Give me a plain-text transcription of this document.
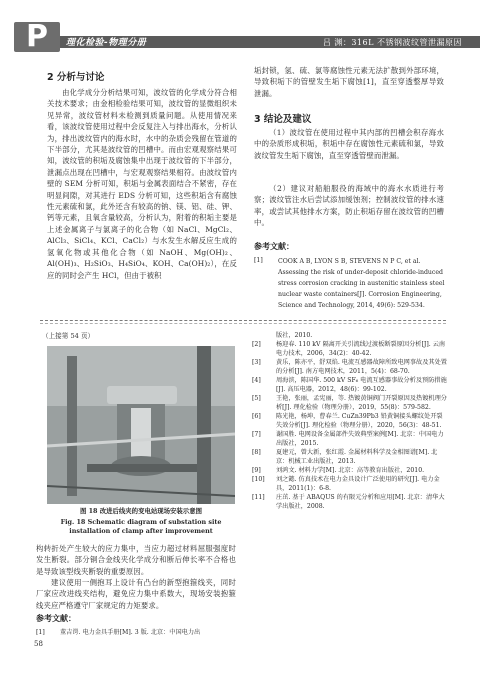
P	理化检验-物理分册	吕 渊：316L 不锈钢波纹管泄漏原因
2 分析与讨论
由化学成分分析结果可知，波纹管的化学成分符合相关技术要求；由金相检验结果可知，波纹管的显微组织未见异常，波纹管材料未检测到质量问题。从使用情况来看，该波纹管使用过程中会反复注入与排出海水，分析认为，排出波纹管内的海水时，水中的杂质会残留在管道的下半部分，尤其是波纹管的凹槽中。而由宏观观察结果可知，波纹管的积垢及腐蚀集中出现于波纹管的下半部分，泄漏点出现在凹槽中，与宏观观察结果相符。由波纹管内壁的 SEM 分析可知，积垢与金属表面结合不紧密，存在明显间隙，对其进行 EDS 分析可知，这些积垢含有腐蚀性元素硫和氯，此外还含有较高的钠、镁、铝、硅、钾、钙等元素，且氧含量较高，分析认为，附着的积垢主要是上述金属离子与氯离子的化合物（如 NaCl、MgCl₂、AlCl₃、SiCl₄、KCl、CaCl₂）与水发生水解反应生成的氢氧化物或其他化合物（如 NaOH、Mg(OH)₂、Al(OH)₃、H₂SiO₃、H₄SiO₄、KOH、Ca(OH)₂），在反应的同时会产生 HCl，但由于被积
垢封锁，氢、硫、氯等腐蚀性元素无法扩散到外部环境，导致积垢下的管壁发生垢下腐蚀[1]，直至穿透整厚导致泄漏。
3 结论及建议
（1）波纹管在使用过程中其内部的凹槽会积存海水中的杂质形成积垢，积垢中存在腐蚀性元素硫和氯，导致波纹管发生垢下腐蚀，直至穿透管壁而泄漏。
（2）建议对船舶服役的海域中的海水水质进行考察；波纹管注水后尝试添加缓蚀剂；控制波纹管的排水速率，或尝试其他排水方案，防止积垢存留在波纹管的凹槽中。
参考文献：
[1]	COOK A B, LYON S B, STEVENS N P C, et al. Assessing the risk of under-deposit chloride-induced stress corrosion cracking in austenitic stainless steel nuclear waste containers[J]. Corrosion Engineering, Science and Technology, 2014, 49(6): 529-534.
（上接第 54 页）
图 18 改进后线夹的变电站现场安装示意图
Fig. 18 Schematic diagram of substation site installation of clamp after improvement
构转折处产生较大的应力集中，当应力超过材料屈服强度时发生断裂。部分铜合金线夹化学成分和断后伸长率不合格也是导致该型线夹断裂的重要原因。
建议使用一侧抱耳上设计有凸台的新型抱箍线夹，同时厂家应改进线夹结构，避免应力集中系数大，现场安装抱箍线夹应严格遵守厂家规定的力矩要求。
参考文献：
[1]	董吉谔. 电力金具手册[M]. 3 版. 北京：中国电力出
58
版社，2010.
[2]	杨迎春. 110 kV 隔离开关引流线过渡板断裂原因分析[J]. 云南电力技术，2006，34(2)：40-42.
[3]	黄乐，陈亦平，舒双焰. 电流互感器故障所致电网事故及其处置的分析[J]. 南方电网技术，2011，5(4)：68-70.
[4]	周海滨，陈国华. 500 kV SF₆ 电流互感器事故分析及预防措施[J]. 高压电器，2012，48(6)：99-102.
[5]	王艳，张丽，孟宪丽，等. 热镀黄铜阀门开裂原因及热镀机理分析[J]. 理化检验（物理分册），2019，55(8)：579-582.
[6]	陈光艳，杨坤，曹春兰. CuZn39Pb3 铅黄铜接头螺纹处开裂失效分析[J]. 理化检验（物理分册），2020，56(3)：48-51.
[7]	谢国胜. 电网设备金属部件失效典型案例[M]. 北京：中国电力出版社，2015.
[8]	夏建元，曾大新，张红霞. 金属材料科学及金相图谱[M]. 北京：机械工业出版社，2013.
[9]	刘鸿文. 材料力学[M]. 北京：高等教育出版社，2010.
[10]	刘之懿. 仿真技术在电力金具设计广泛使用的研究[J]. 电力金具，2011(1)：6-8.
[11]	庄茁. 基于 ABAQUS 的有限元分析和应用[M]. 北京：清华大学出版社，2008.
